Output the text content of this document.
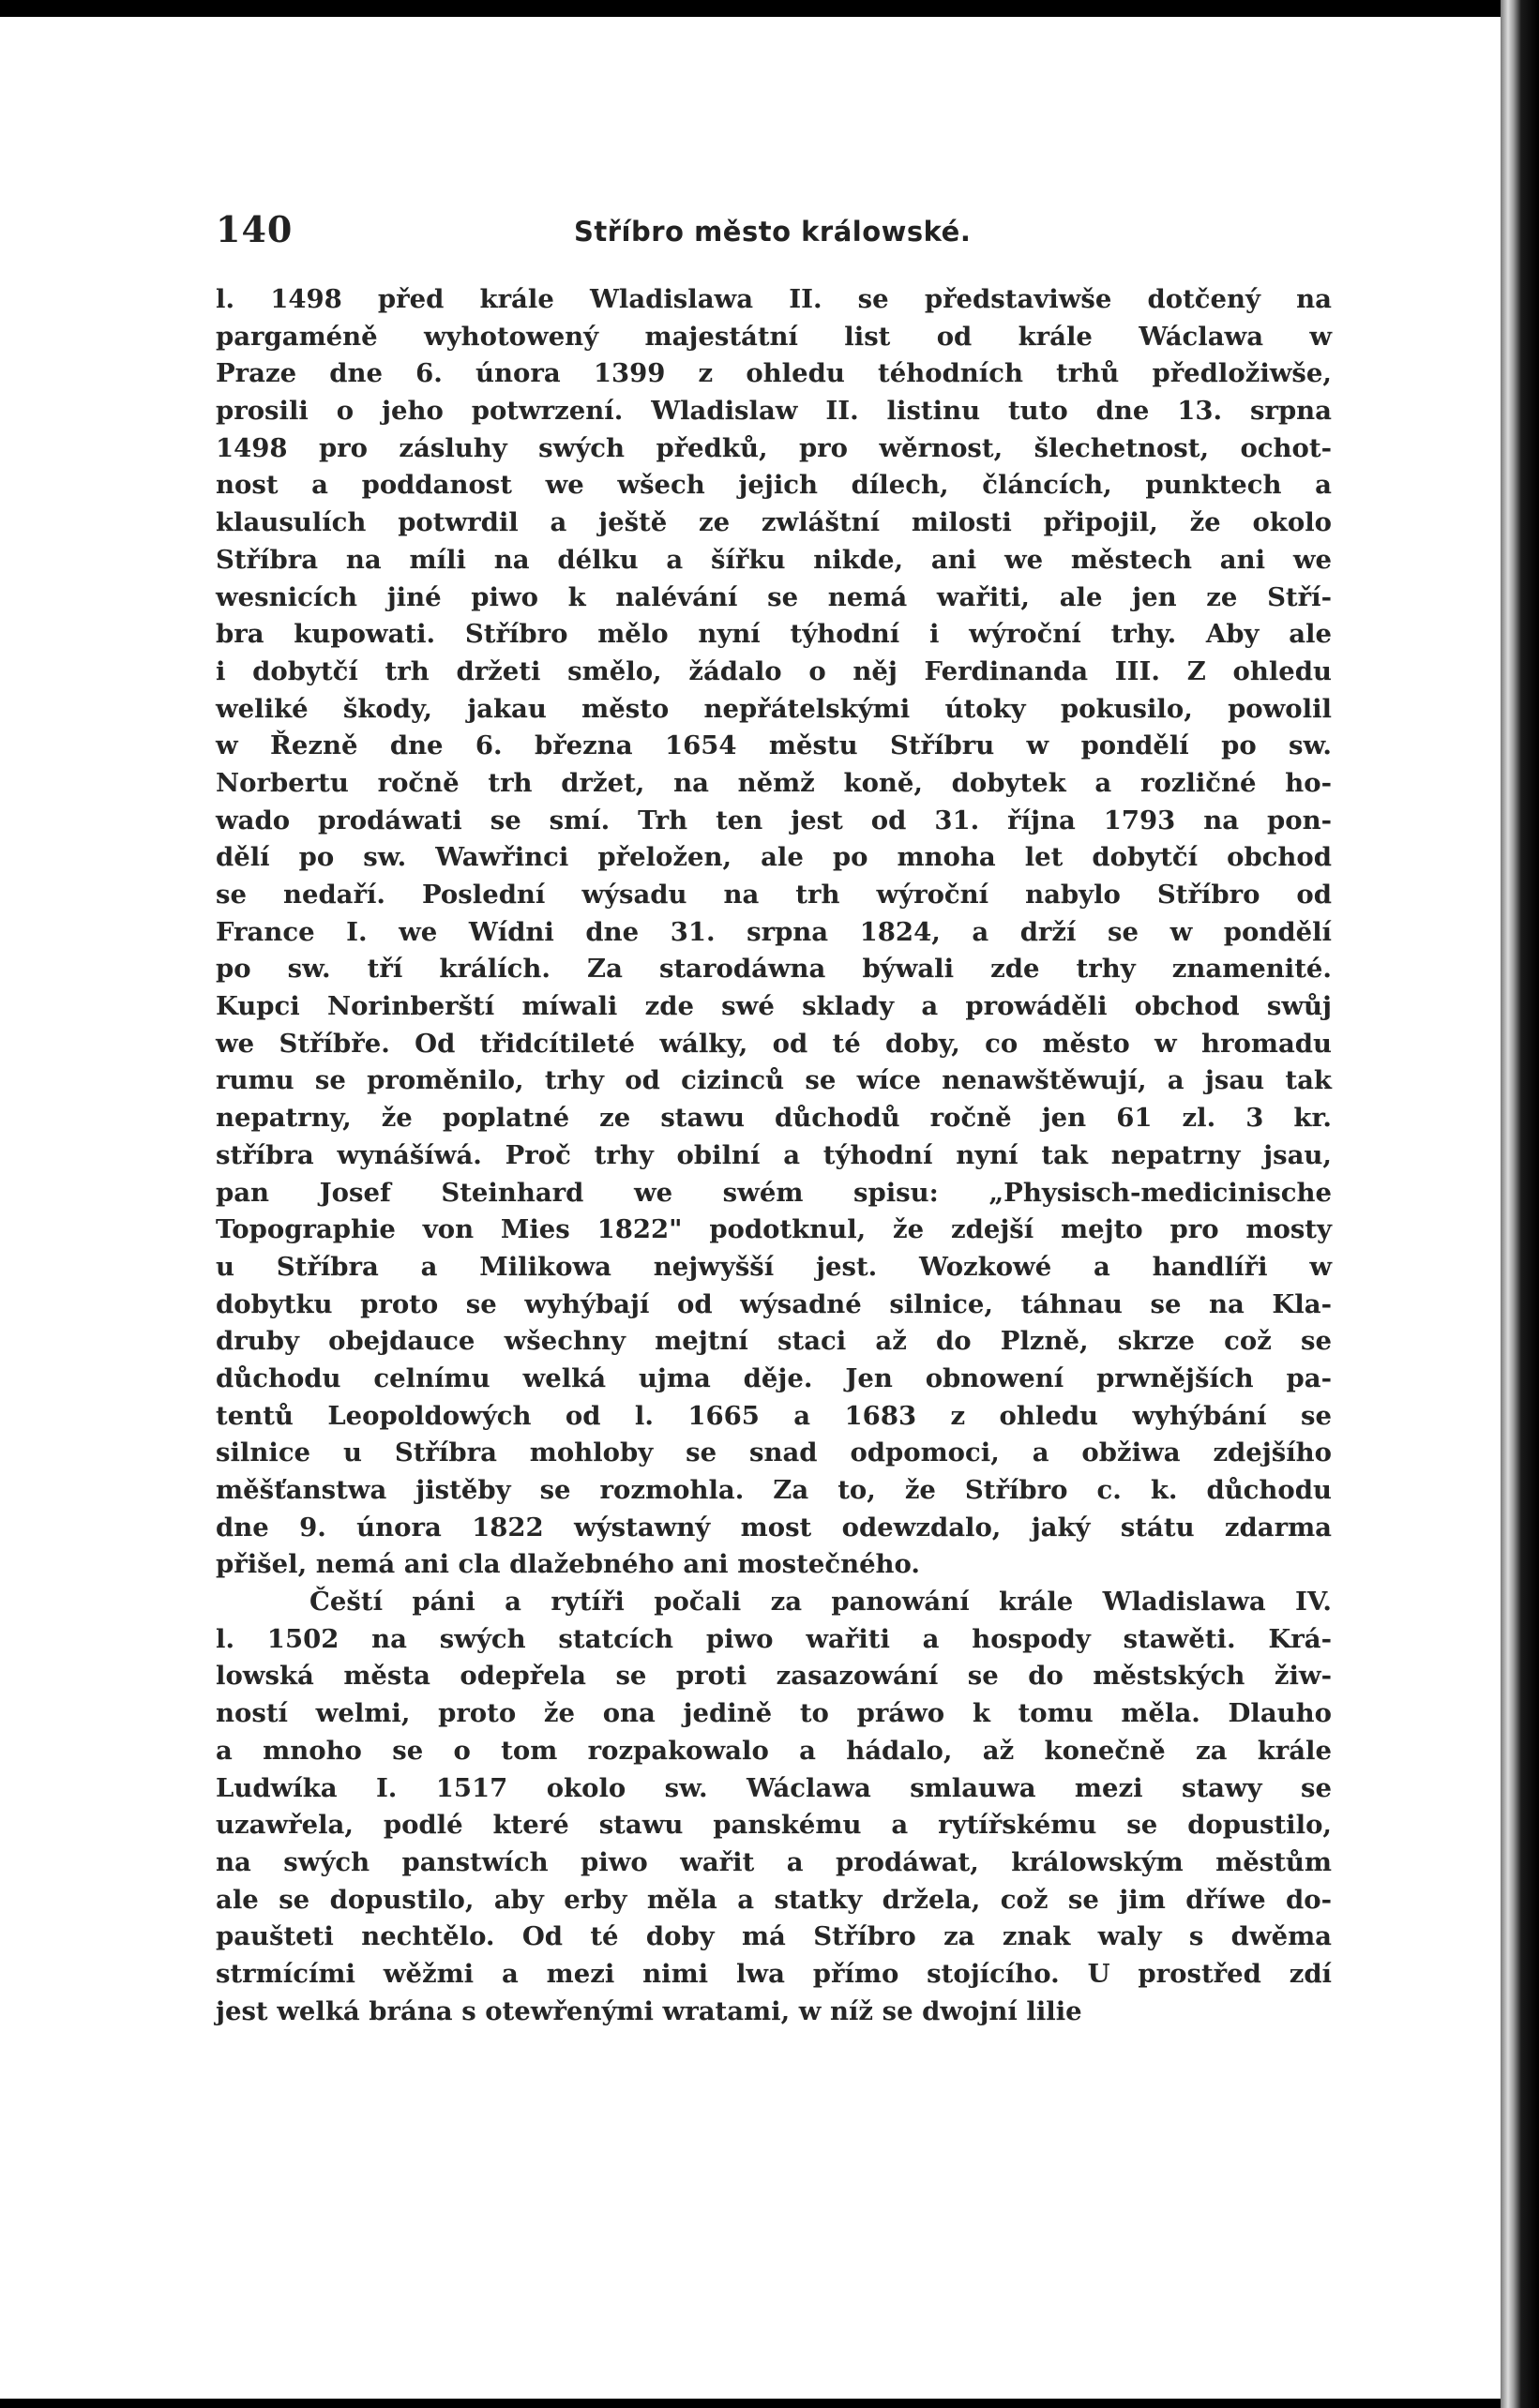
140	Stříbro město králowské.
l. 1498 před krále Wladislawa II. se představiwše dotčený na
pargaméně wyhotowený majestátní list od krále Wáclawa w
Praze dne 6. února 1399 z ohledu téhodních trhů předložiwše,
prosili o jeho potwrzení. Wladislaw II. listinu tuto dne 13. srpna
1498 pro zásluhy swých předků, pro wěrnost, šlechetnost, ochot-
nost a poddanost we wšech jejich dílech, článcích, punktech a
klausulích potwrdil a ještě ze zwláštní milosti připojil, že okolo
Stříbra na míli na délku a šířku nikde, ani we městech ani we
wesnicích jiné piwo k nalévání se nemá wařiti, ale jen ze Stří-
bra kupowati. Stříbro mělo nyní týhodní i wýroční trhy. Aby ale
i dobytčí trh držeti smělo, žádalo o něj Ferdinanda III. Z ohledu
weliké škody, jakau město nepřátelskými útoky pokusilo, powolil
w Řezně dne 6. března 1654 městu Stříbru w pondělí po sw.
Norbertu ročně trh držet, na němž koně, dobytek a rozličné ho-
wado prodáwati se smí. Trh ten jest od 31. října 1793 na pon-
dělí po sw. Wawřinci přeložen, ale po mnoha let dobytčí obchod
se nedaří. Poslední wýsadu na trh wýroční nabylo Stříbro od
France I. we Wídni dne 31. srpna 1824, a drží se w pondělí
po sw. tří králích. Za starodáwna býwali zde trhy znamenité.
Kupci Norinberští míwali zde swé sklady a prowáděli obchod swůj
we Stříbře. Od třidcítileté wálky, od té doby, co město w hromadu
rumu se proměnilo, trhy od cizinců se wíce nenawštěwují, a jsau tak
nepatrny, že poplatné ze stawu důchodů ročně jen 61 zl. 3 kr.
stříbra wynášíwá. Proč trhy obilní a týhodní nyní tak nepatrny jsau,
pan Josef Steinhard we swém spisu: „Physisch-medicinische
Topographie von Mies 1822" podotknul, že zdejší mejto pro mosty
u Stříbra a Milikowa nejwyšší jest. Wozkowé a handlíři w
dobytku proto se wyhýbají od wýsadné silnice, táhnau se na Kla-
druby obejdauce wšechny mejtní staci až do Plzně, skrze což se
důchodu celnímu welká ujma děje. Jen obnowení prwnějších pa-
tentů Leopoldowých od l. 1665 a 1683 z ohledu wyhýbání se
silnice u Stříbra mohloby se snad odpomoci, a obžiwa zdejšího
měšťanstwa jistěby se rozmohla. Za to, že Stříbro c. k. důchodu
dne 9. února 1822 wýstawný most odewzdalo, jaký státu zdarma
přišel, nemá ani cla dlažebného ani mostečného.
Čeští páni a rytíři počali za panowání krále Wladislawa IV.
l. 1502 na swých statcích piwo wařiti a hospody stawěti. Krá-
lowská města odepřela se proti zasazowání se do městských žiw-
ností welmi, proto že ona jedině to práwo k tomu měla. Dlauho
a mnoho se o tom rozpakowalo a hádalo, až konečně za krále
Ludwíka I. 1517 okolo sw. Wáclawa smlauwa mezi stawy se
uzawřela, podlé které stawu panskému a rytířskému se dopustilo,
na swých panstwích piwo wařit a prodáwat, králowským městům
ale se dopustilo, aby erby měla a statky držela, což se jim dříwe do-
paušteti nechtělo. Od té doby má Stříbro za znak waly s dwěma
strmícími wěžmi a mezi nimi lwa přímo stojícího. U prostřed zdí
jest welká brána s otewřenými wratami, w níž se dwojní lilie
